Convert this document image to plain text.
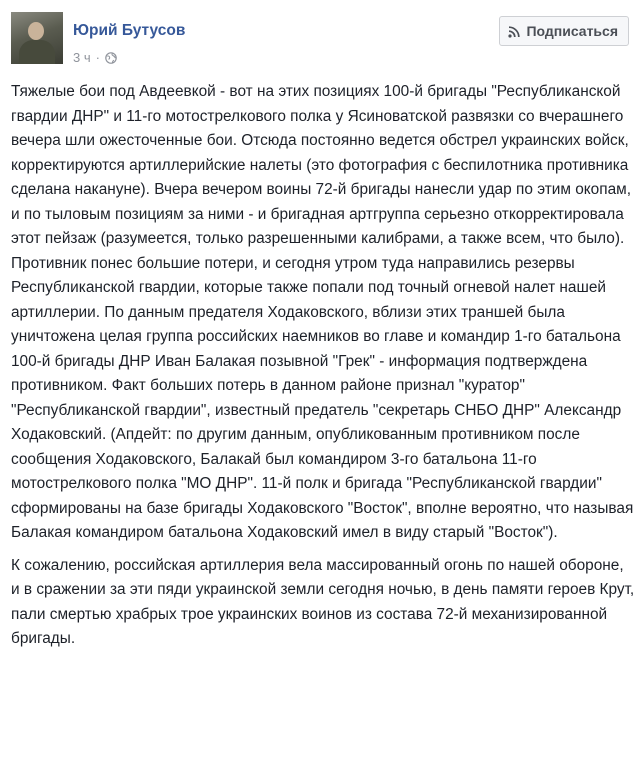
Юрий Бутусов
3 ч ·
Подписаться

Тяжелые бои под Авдеевкой - вот на этих позициях 100-й бригады "Республиканской гвардии ДНР" и 11-го мотострелкового полка у Ясиноватской развязки со вчерашнего вечера шли ожесточенные бои. Отсюда постоянно ведется обстрел украинских войск, корректируются артиллерийские налеты (это фотография с беспилотника противника сделана накануне). Вчера вечером воины 72-й бригады нанесли удар по этим окопам, и по тыловым позициям за ними - и бригадная артгруппа серьезно откорректировала этот пейзаж (разумеется, только разрешенными калибрами, а также всем, что было). Противник понес большие потери, и сегодня утром туда направились резервы Республиканской гвардии, которые также попали под точный огневой налет нашей артиллерии. По данным предателя Ходаковского, вблизи этих траншей была уничтожена целая группа российских наемников во главе и командир 1-го батальона 100-й бригады ДНР Иван Балакая позывной "Грек" - информация подтверждена противником. Факт больших потерь в данном районе признал "куратор" "Республиканской гвардии", известный предатель "секретарь СНБО ДНР" Александр Ходаковский. (Апдейт: по другим данным, опубликованным противником после сообщения Ходаковского, Балакай был командиром 3-го батальона 11-го мотострелкового полка "МО ДНР". 11-й полк и бригада "Республиканской гвардии" сформированы на базе бригады Ходаковского "Восток", вполне вероятно, что называя Балакая командиром батальона Ходаковский имел в виду старый "Восток").

К сожалению, российская артиллерия вела массированный огонь по нашей обороне, и в сражении за эти пяди украинской земли сегодня ночью, в день памяти героев Крут, пали смертью храбрых трое украинских воинов из состава 72-й механизированной бригады.
